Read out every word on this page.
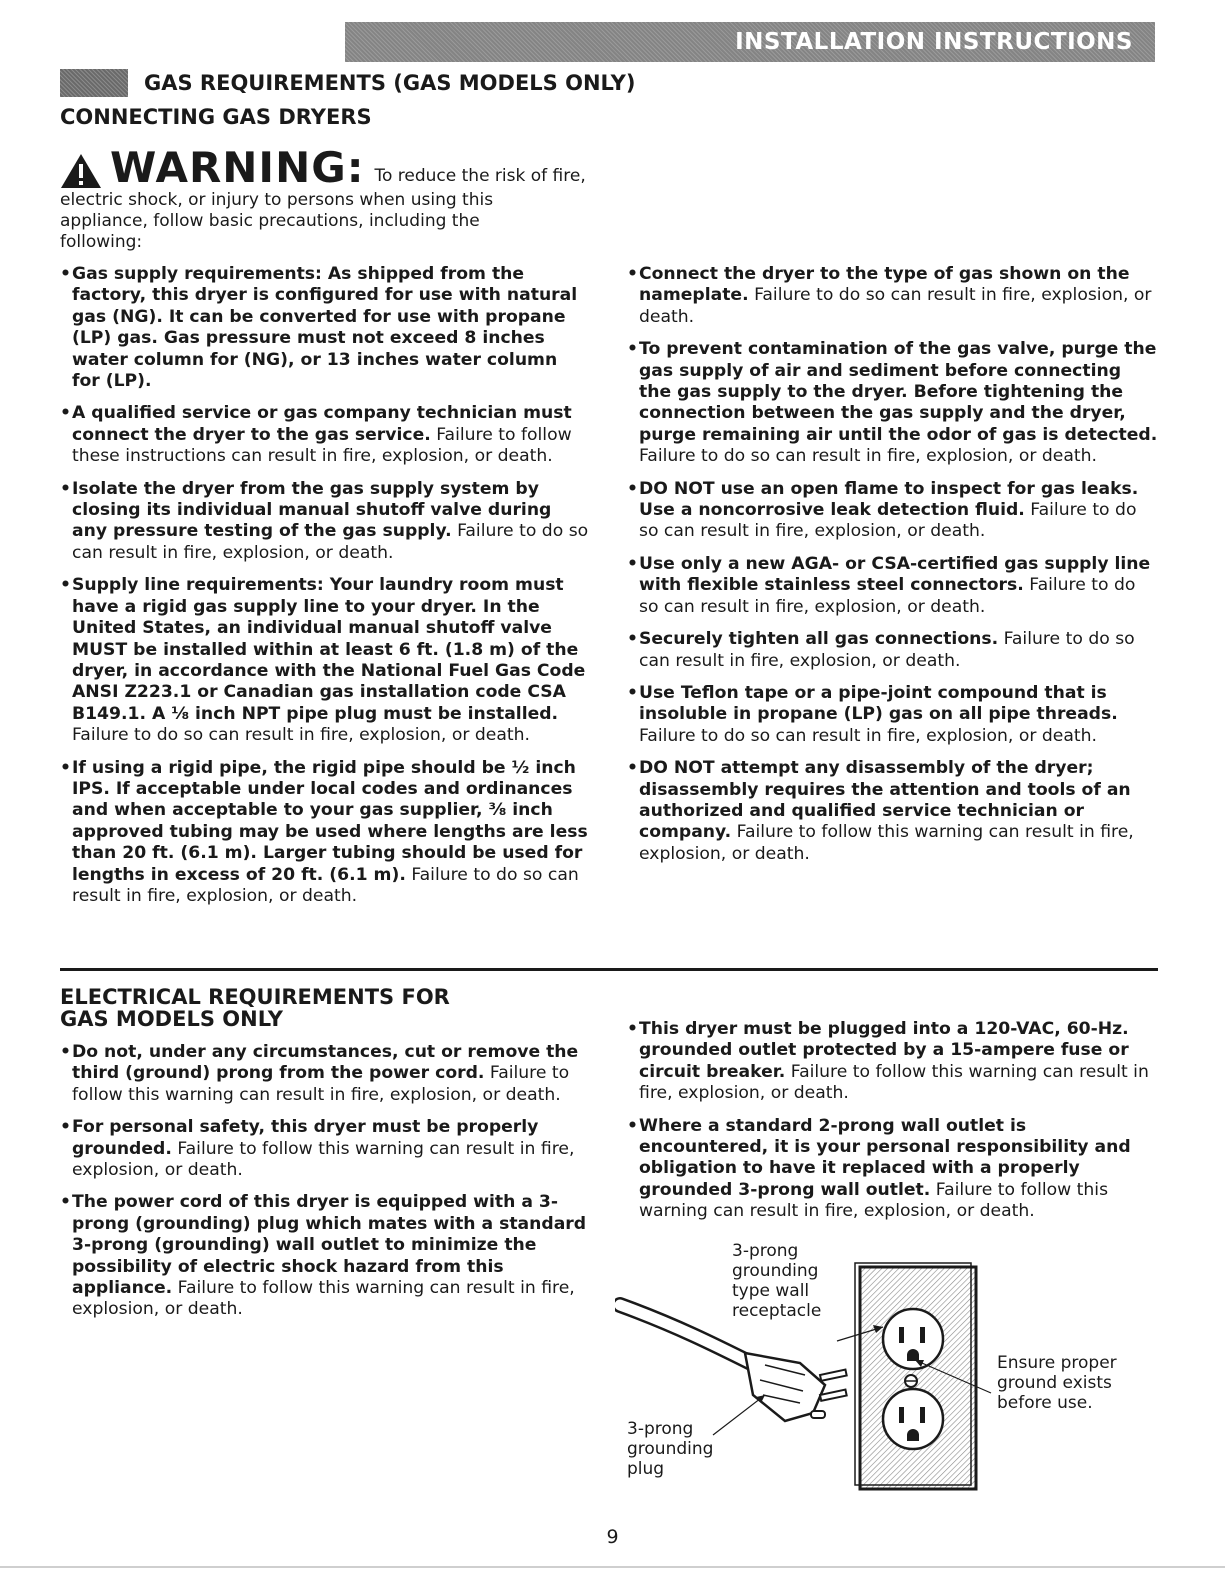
INSTALLATION INSTRUCTIONS
GAS REQUIREMENTS (GAS MODELS ONLY)
CONNECTING GAS DRYERS
WARNING: To reduce the risk of fire,
electric shock, or injury to persons when using this appliance, follow basic precautions, including the following:
• Gas supply requirements: As shipped from the factory, this dryer is configured for use with natural gas (NG). It can be converted for use with propane (LP) gas. Gas pressure must not exceed 8 inches water column for (NG), or 13 inches water column for (LP).
• A qualified service or gas company technician must connect the dryer to the gas service. Failure to follow these instructions can result in fire, explosion, or death.
• Isolate the dryer from the gas supply system by closing its individual manual shutoff valve during any pressure testing of the gas supply. Failure to do so can result in fire, explosion, or death.
• Supply line requirements: Your laundry room must have a rigid gas supply line to your dryer. In the United States, an individual manual shutoff valve MUST be installed within at least 6 ft. (1.8 m) of the dryer, in accordance with the National Fuel Gas Code ANSI Z223.1 or Canadian gas installation code CSA B149.1. A ⅛ inch NPT pipe plug must be installed. Failure to do so can result in fire, explosion, or death.
• If using a rigid pipe, the rigid pipe should be ½ inch IPS. If acceptable under local codes and ordinances and when acceptable to your gas supplier, ⅜ inch approved tubing may be used where lengths are less than 20 ft. (6.1 m). Larger tubing should be used for lengths in excess of 20 ft. (6.1 m). Failure to do so can result in fire, explosion, or death.
• Connect the dryer to the type of gas shown on the nameplate. Failure to do so can result in fire, explosion, or death.
• To prevent contamination of the gas valve, purge the gas supply of air and sediment before connecting the gas supply to the dryer. Before tightening the connection between the gas supply and the dryer, purge remaining air until the odor of gas is detected. Failure to do so can result in fire, explosion, or death.
• DO NOT use an open flame to inspect for gas leaks. Use a noncorrosive leak detection fluid. Failure to do so can result in fire, explosion, or death.
• Use only a new AGA- or CSA-certified gas supply line with flexible stainless steel connectors. Failure to do so can result in fire, explosion, or death.
• Securely tighten all gas connections. Failure to do so can result in fire, explosion, or death.
• Use Teflon tape or a pipe-joint compound that is insoluble in propane (LP) gas on all pipe threads. Failure to do so can result in fire, explosion, or death.
• DO NOT attempt any disassembly of the dryer; disassembly requires the attention and tools of an authorized and qualified service technician or company. Failure to follow this warning can result in fire, explosion, or death.
ELECTRICAL REQUIREMENTS FOR GAS MODELS ONLY
• Do not, under any circumstances, cut or remove the third (ground) prong from the power cord. Failure to follow this warning can result in fire, explosion, or death.
• For personal safety, this dryer must be properly grounded. Failure to follow this warning can result in fire, explosion, or death.
• The power cord of this dryer is equipped with a 3-prong (grounding) plug which mates with a standard 3-prong (grounding) wall outlet to minimize the possibility of electric shock hazard from this appliance. Failure to follow this warning can result in fire, explosion, or death.
• This dryer must be plugged into a 120-VAC, 60-Hz. grounded outlet protected by a 15-ampere fuse or circuit breaker. Failure to follow this warning can result in fire, explosion, or death.
• Where a standard 2-prong wall outlet is encountered, it is your personal responsibility and obligation to have it replaced with a properly grounded 3-prong wall outlet. Failure to follow this warning can result in fire, explosion, or death.
3-prong grounding type wall receptacle
3-prong grounding plug
Ensure proper ground exists before use.
9
